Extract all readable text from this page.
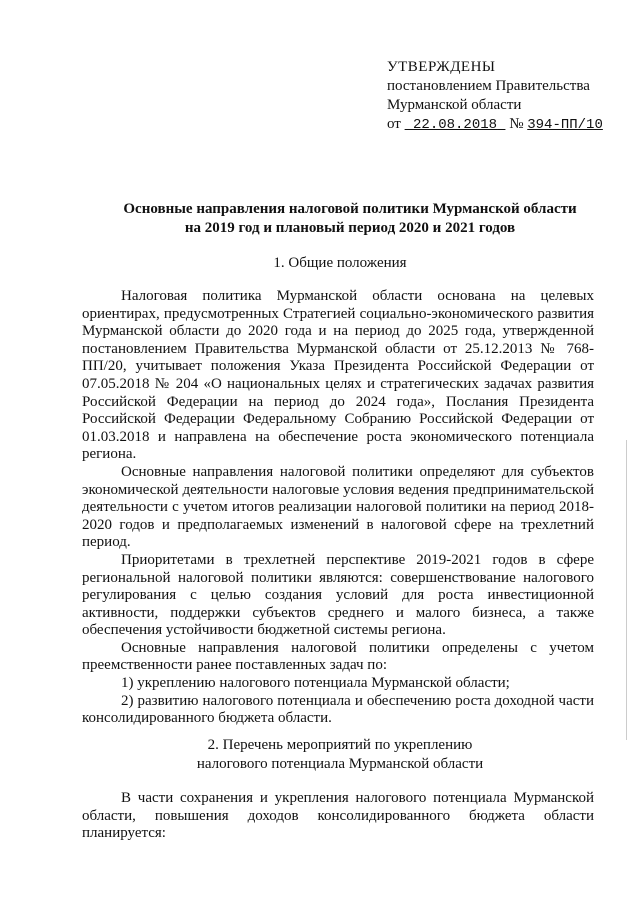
УТВЕРЖДЕНЫ
постановлением Правительства
Мурманской области
от 22.08.2018 № 394-ПП/10
Основные направления налоговой политики Мурманской области
на 2019 год и плановый период 2020 и 2021 годов
1. Общие положения

Налоговая политика Мурманской области основана на целевых ориентирах, предусмотренных Стратегией социально-экономического развития Мурманской области до 2020 года и на период до 2025 года, утвержденной постановлением Правительства Мурманской области от 25.12.2013 № 768-ПП/20, учитывает положения Указа Президента Российской Федерации от 07.05.2018 № 204 «О национальных целях и стратегических задачах развития Российской Федерации на период до 2024 года», Послания Президента Российской Федерации Федеральному Собранию Российской Федерации от 01.03.2018 и направлена на обеспечение роста экономического потенциала региона.

Основные направления налоговой политики определяют для субъектов экономической деятельности налоговые условия ведения предпринимательской деятельности с учетом итогов реализации налоговой политики на период 2018-2020 годов и предполагаемых изменений в налоговой сфере на трехлетний период.

Приоритетами в трехлетней перспективе 2019-2021 годов в сфере региональной налоговой политики являются: совершенствование налогового регулирования с целью создания условий для роста инвестиционной активности, поддержки субъектов среднего и малого бизнеса, а также обеспечения устойчивости бюджетной системы региона.

Основные направления налоговой политики определены с учетом преемственности ранее поставленных задач по:

1) укреплению налогового потенциала Мурманской области;

2) развитию налогового потенциала и обеспечению роста доходной части консолидированного бюджета области.

2. Перечень мероприятий по укреплению
налогового потенциала Мурманской области

В части сохранения и укрепления налогового потенциала Мурманской области, повышения доходов консолидированного бюджета области планируется:
